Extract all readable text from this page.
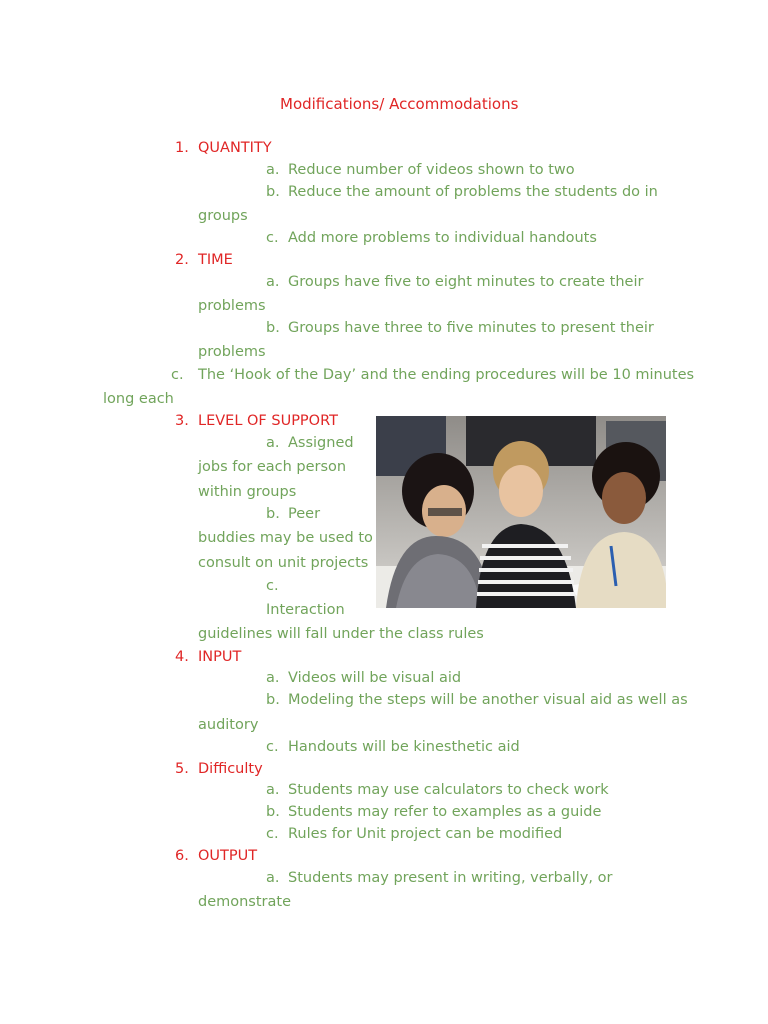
Modifications/ Accommodations
1. QUANTITY
a. Reduce number of videos shown to two
b. Reduce the amount of problems the students do in
groups
c. Add more problems to individual handouts
2. TIME
a. Groups have five to eight minutes to create their
problems
b. Groups have three to five minutes to present their
problems
c. The ‘Hook of the Day’ and the ending procedures will be 10 minutes
long each
3. LEVEL OF SUPPORT
a. Assigned
jobs for each person
within groups
b. Peer
buddies may be used to
consult on unit projects
c.
Interaction
guidelines will fall under the class rules
4. INPUT
a. Videos will be visual aid
b. Modeling the steps will be another visual aid as well as
auditory
c. Handouts will be kinesthetic aid
5. Difficulty
a. Students may use calculators to check work
b. Students may refer to examples as a guide
c. Rules for Unit project can be modified
6. OUTPUT
a. Students may present in writing, verbally, or
demonstrate
